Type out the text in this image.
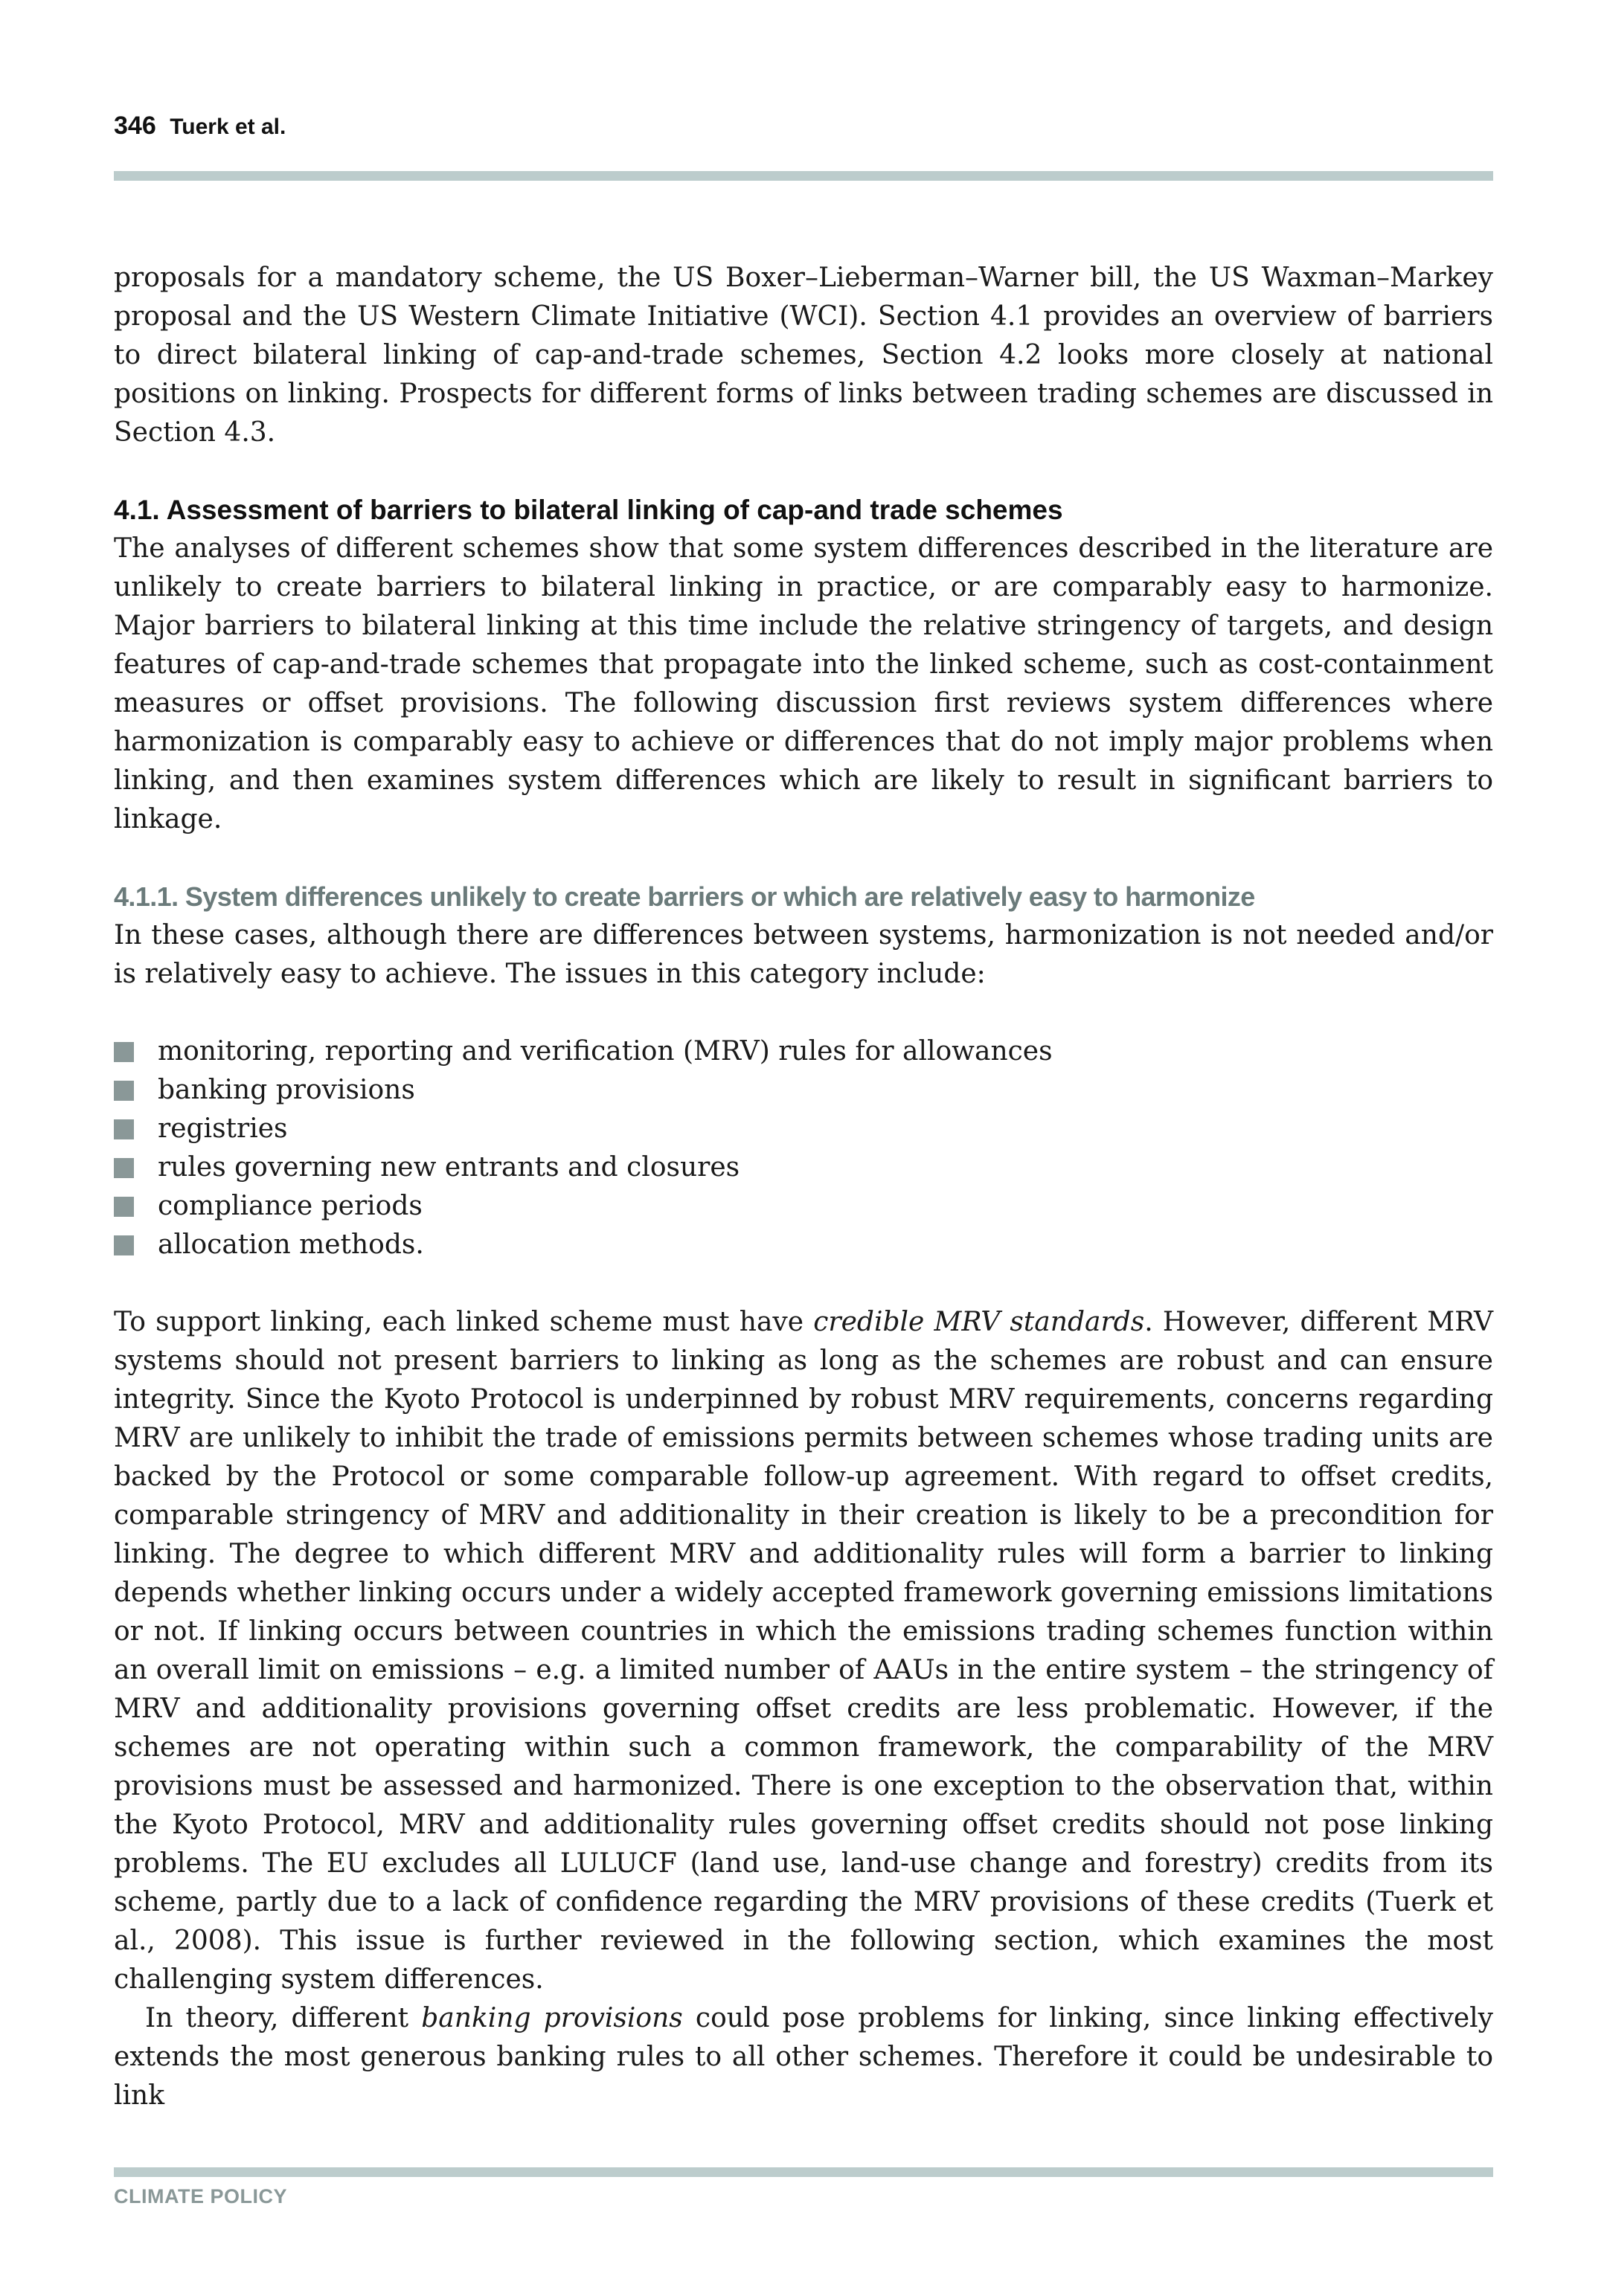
346 Tuerk et al.

proposals for a mandatory scheme, the US Boxer–Lieberman–Warner bill, the US Waxman–Markey proposal and the US Western Climate Initiative (WCI). Section 4.1 provides an overview of barriers to direct bilateral linking of cap-and-trade schemes, Section 4.2 looks more closely at national positions on linking. Prospects for different forms of links between trading schemes are discussed in Section 4.3.

4.1. Assessment of barriers to bilateral linking of cap-and trade schemes

The analyses of different schemes show that some system differences described in the literature are unlikely to create barriers to bilateral linking in practice, or are comparably easy to harmonize. Major barriers to bilateral linking at this time include the relative stringency of targets, and design features of cap-and-trade schemes that propagate into the linked scheme, such as cost-containment measures or offset provisions. The following discussion first reviews system differences where harmonization is comparably easy to achieve or differences that do not imply major problems when linking, and then examines system differences which are likely to result in significant barriers to linkage.

4.1.1. System differences unlikely to create barriers or which are relatively easy to harmonize

In these cases, although there are differences between systems, harmonization is not needed and/or is relatively easy to achieve. The issues in this category include:

monitoring, reporting and verification (MRV) rules for allowances
banking provisions
registries
rules governing new entrants and closures
compliance periods
allocation methods.

To support linking, each linked scheme must have credible MRV standards. However, different MRV systems should not present barriers to linking as long as the schemes are robust and can ensure integrity. Since the Kyoto Protocol is underpinned by robust MRV requirements, concerns regarding MRV are unlikely to inhibit the trade of emissions permits between schemes whose trading units are backed by the Protocol or some comparable follow-up agreement. With regard to offset credits, comparable stringency of MRV and additionality in their creation is likely to be a precondition for linking. The degree to which different MRV and additionality rules will form a barrier to linking depends whether linking occurs under a widely accepted framework governing emissions limitations or not. If linking occurs between countries in which the emissions trading schemes function within an overall limit on emissions – e.g. a limited number of AAUs in the entire system – the stringency of MRV and additionality provisions governing offset credits are less problematic. However, if the schemes are not operating within such a common framework, the comparability of the MRV provisions must be assessed and harmonized. There is one exception to the observation that, within the Kyoto Protocol, MRV and additionality rules governing offset credits should not pose linking problems. The EU excludes all LULUCF (land use, land-use change and forestry) credits from its scheme, partly due to a lack of confidence regarding the MRV provisions of these credits (Tuerk et al., 2008). This issue is further reviewed in the following section, which examines the most challenging system differences.

In theory, different banking provisions could pose problems for linking, since linking effectively extends the most generous banking rules to all other schemes. Therefore it could be undesirable to link

CLIMATE POLICY
